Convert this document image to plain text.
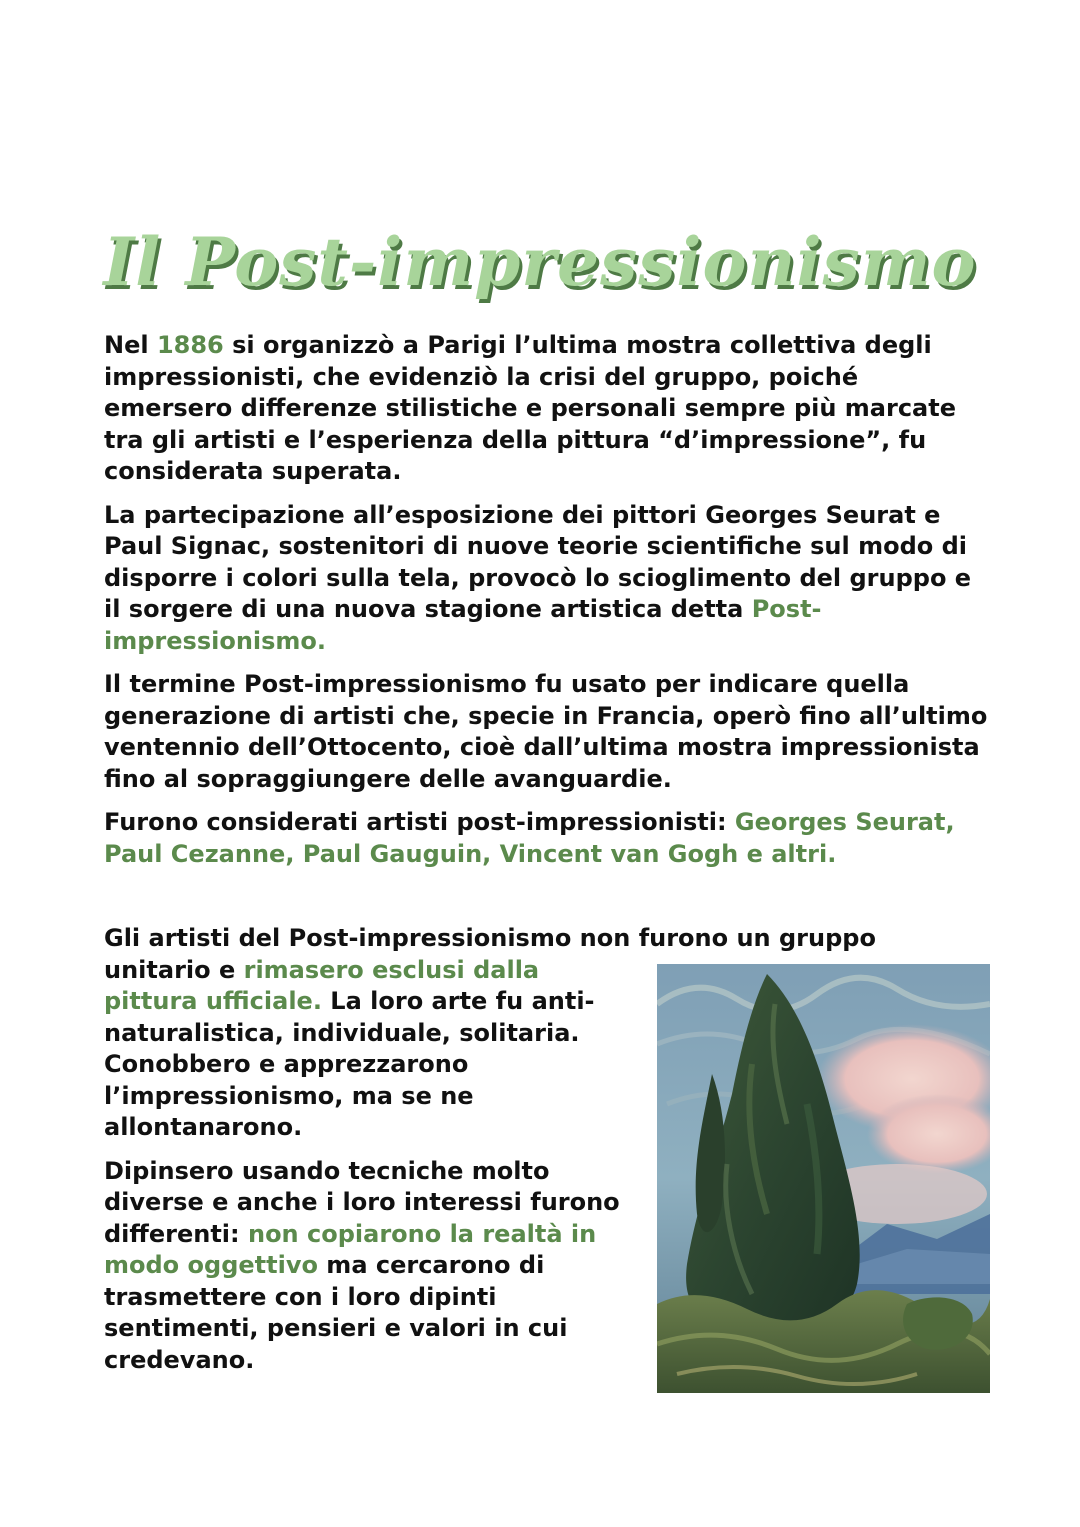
Il Post-impressionismo

Nel 1886 si organizzò a Parigi l’ultima mostra collettiva degli impressionisti, che evidenziò la crisi del gruppo, poiché emersero differenze stilistiche e personali sempre più marcate tra gli artisti e l’esperienza della pittura “d’impressione”, fu considerata superata.

La partecipazione all’esposizione dei pittori Georges Seurat e Paul Signac, sostenitori di nuove teorie scientifiche sul modo di disporre i colori sulla tela, provocò lo scioglimento del gruppo e il sorgere di una nuova stagione artistica detta Post-impressionismo.

Il termine Post-impressionismo fu usato per indicare quella generazione di artisti che, specie in Francia, operò fino all’ultimo ventennio dell’Ottocento, cioè dall’ultima mostra impressionista fino al sopraggiungere delle avanguardie.

Furono considerati artisti post-impressionisti: Georges Seurat, Paul Cezanne, Paul Gauguin, Vincent van Gogh e altri.

Gli artisti del Post-impressionismo non furono un gruppo

unitario e rimasero esclusi dalla pittura ufficiale. La loro arte fu anti-naturalistica, individuale, solitaria. Conobbero e apprezzarono l’impressionismo, ma se ne allontanarono.

Dipinsero usando tecniche molto diverse e anche i loro interessi furono differenti: non copiarono la realtà in modo oggettivo ma cercarono di trasmettere con i loro dipinti sentimenti, pensieri e valori in cui credevano.
